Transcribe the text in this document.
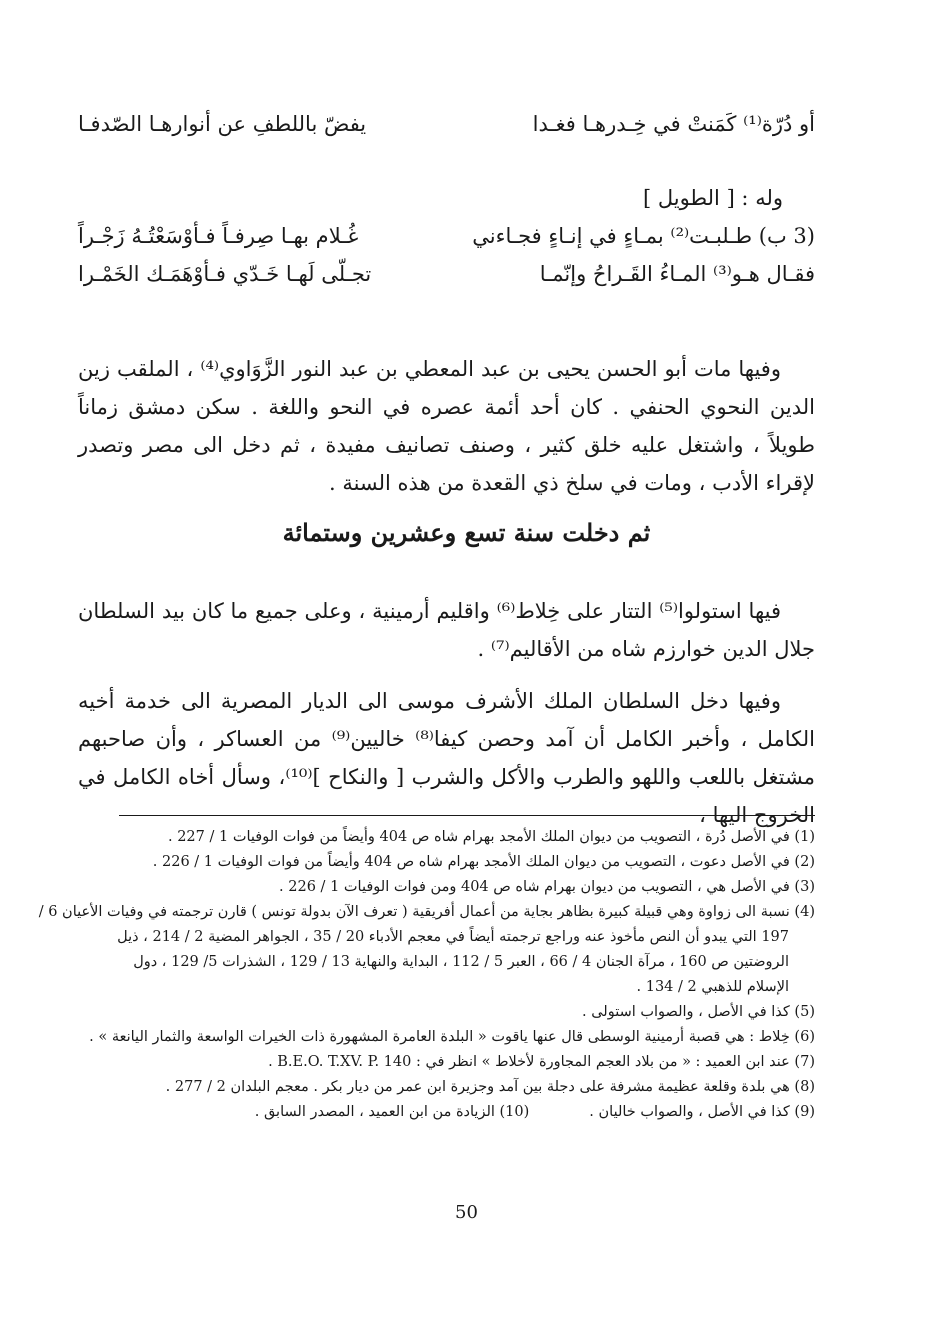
أو دُرّة⁽¹⁾ كَمَنتْ في خِـدرهـا فغـدا
يفضّ باللطفِ عن أنوارهـا الصّدفـا
وله : [ الطويل ]
(3 ب) طـلبـت⁽²⁾ بمـاءٍ في إنـاءٍ فجـاءني
غُـلام بهـا صِرفـاً فـأوْسَعْتُـهُ زَجْـراً
فقـال هـو⁽³⁾ المـاءُ القَـراحُ وإنّمـا
تجـلّى لَهـا خَـدّي فـأوْهَمَـك الخَمْـرا

وفيها مات أبو الحسن يحيى بن عبد المعطي بن عبد النور الزَّوَاوي⁽⁴⁾ ، الملقب زين الدين النحوي الحنفي . كان أحد أئمة عصره في النحو واللغة . سكن دمشق زماناً طويلاً ، واشتغل عليه خلق كثير ، وصنف تصانيف مفيدة ، ثم دخل الى مصر وتصدر لإقراء الأدب ، ومات في سلخ ذي القعدة من هذه السنة .

ثم دخلت سنة تسع وعشرين وستمائة

فيها استولوا⁽⁵⁾ التتار على خِلاط⁽⁶⁾ واقليم أرمينية ، وعلى جميع ما كان بيد السلطان جلال الدين خوارزم شاه من الأقاليم⁽⁷⁾ .

وفيها دخل السلطان الملك الأشرف موسى الى الديار المصرية الى خدمة أخيه الكامل ، وأخبر الكامل أن آمد وحصن كيفا⁽⁸⁾ خاليين⁽⁹⁾ من العساكر ، وأن صاحبهم مشتغل باللعب واللهو والطرب والأكل والشرب [ والنكاح ]⁽¹⁰⁾، وسأل أخاه الكامل في الخروج اليها ،

(1) في الأصل دُرة ، التصويب من ديوان الملك الأمجد بهرام شاه ص 404 وأيضاً من فوات الوفيات 1 / 227 .
(2) في الأصل دعوت ، التصويب من ديوان الملك الأمجد بهرام شاه ص 404 وأيضاً من فوات الوفيات 1 / 226 .
(3) في الأصل هي ، التصويب من ديوان بهرام شاه ص 404 ومن فوات الوفيات 1 / 226 .
(4) نسبة الى زواوة وهي قبيلة كبيرة بظاهر بجاية من أعمال أفريقية ( تعرف الآن بدولة تونس ) قارن ترجمته في وفيات الأعيان 6 /
197 التي يبدو أن النص مأخوذ عنه وراجع ترجمته أيضاً في معجم الأدباء 20 / 35 ، الجواهر المضية 2 / 214 ، ذيل
الروضتين ص 160 ، مرآة الجنان 4 / 66 ، العبر 5 / 112 ، البداية والنهاية 13 / 129 ، الشذرات 5/ 129 ، دول
الإسلام للذهبي 2 / 134 .
(5) كذا في الأصل ، والصواب استولى .
(6) خِلاط : هي قصبة أرمينية الوسطى قال عنها ياقوت « البلدة العامرة المشهورة ذات الخيرات الواسعة والثمار اليانعة » .
(7) عند ابن العميد : « من بلاد العجم المجاورة لأخلاط » انظر في : B.E.O. T.XV. P. 140 .
(8) هي بلدة وقلعة عظيمة مشرفة على دجلة بين آمد وجزيرة ابن عمر من ديار بكر . معجم البلدان 2 / 277 .
(9) كذا في الأصل ، والصواب خاليان .
(10) الزيادة من ابن العميد ، المصدر السابق .
50
